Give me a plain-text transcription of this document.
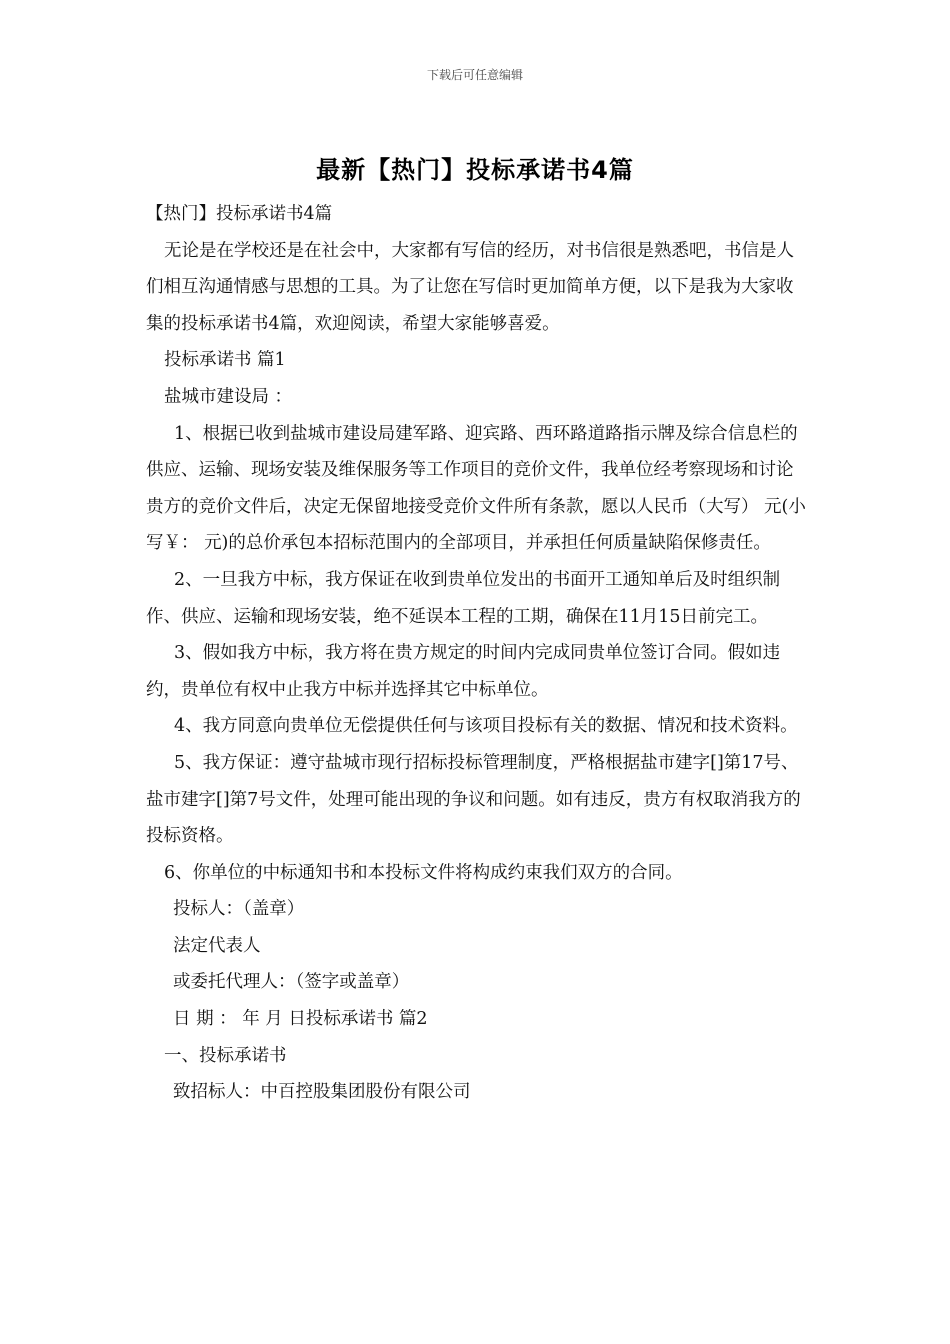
下载后可任意编辑
最新【热门】投标承诺书4篇

【热门】投标承诺书4篇

无论是在学校还是在社会中，大家都有写信的经历，对书信很是熟悉吧，书信是人们相互沟通情感与思想的工具。为了让您在写信时更加简单方便，以下是我为大家收集的投标承诺书4篇，欢迎阅读，希望大家能够喜爱。

投标承诺书 篇1

盐城市建设局 ：

1、根据已收到盐城市建设局建军路、迎宾路、西环路道路指示牌及综合信息栏的供应、运输、现场安装及维保服务等工作项目的竞价文件，我单位经考察现场和讨论贵方的竞价文件后，决定无保留地接受竞价文件所有条款，愿以人民币（大写） 元(小写￥： 元)的总价承包本招标范围内的全部项目，并承担任何质量缺陷保修责任。

2、一旦我方中标，我方保证在收到贵单位发出的书面开工通知单后及时组织制作、供应、运输和现场安装，绝不延误本工程的工期，确保在11月15日前完工。

3、假如我方中标，我方将在贵方规定的时间内完成同贵单位签订合同。假如违约，贵单位有权中止我方中标并选择其它中标单位。

4、我方同意向贵单位无偿提供任何与该项目投标有关的数据、情况和技术资料。

5、我方保证：遵守盐城市现行招标投标管理制度，严格根据盐市建字[]第17号、盐市建字[]第7号文件，处理可能出现的争议和问题。如有违反，贵方有权取消我方的投标资格。

6、你单位的中标通知书和本投标文件将构成约束我们双方的合同。

投标人：（盖章）

法定代表人

或委托代理人：（签字或盖章）

日 期 ： 年 月 日投标承诺书 篇2

一、投标承诺书

致招标人：中百控股集团股份有限公司
